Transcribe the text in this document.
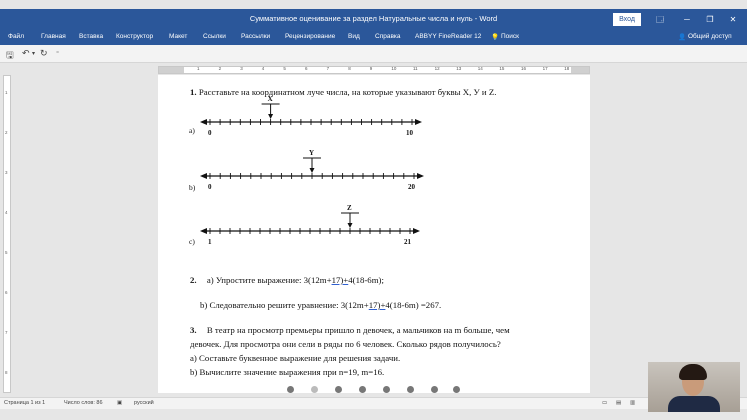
Суммативное оценивание за раздел Натуральные числа и нуль - Word	Вход	🗔	─	❐	✕
Файл	Главная Вставка Конструктор Макет Ссылки Рассылки Рецензирование Вид Справка ABBYY FineReader 12 💡 Поиск	👤 Общий доступ
🖫 ↶ ▾ ↻ ⁼
1	2	3	4	5	6	7	8	9	10	11	12	13	14	15	16	17	18
1
2
3
4
5
6
7
8
1. Расставьте на координатном луче числа, на которые указывают буквы Х, У и Z.
0	10
X
a)
0	20
Y
b)
1	21
Z
c)
2. a) Упростите выражение: 3(12m+17)+4(18-6m);
b) Следовательно решите уравнение: 3(12m+17)+4(18-6m) =267.
3. В театр на просмотр премьеры пришло n девочек, а мальчиков на m больше, чем
девочек. Для просмотра они сели в ряды по 6 человек. Сколько рядов получилось?
а) Составьте буквенное выражение для решения задачи.
b) Вычислите значение выражения при n=19, m=16.
Страница 1 из 1	Число слов: 86	▣ русский	▭ ▤ ▥
